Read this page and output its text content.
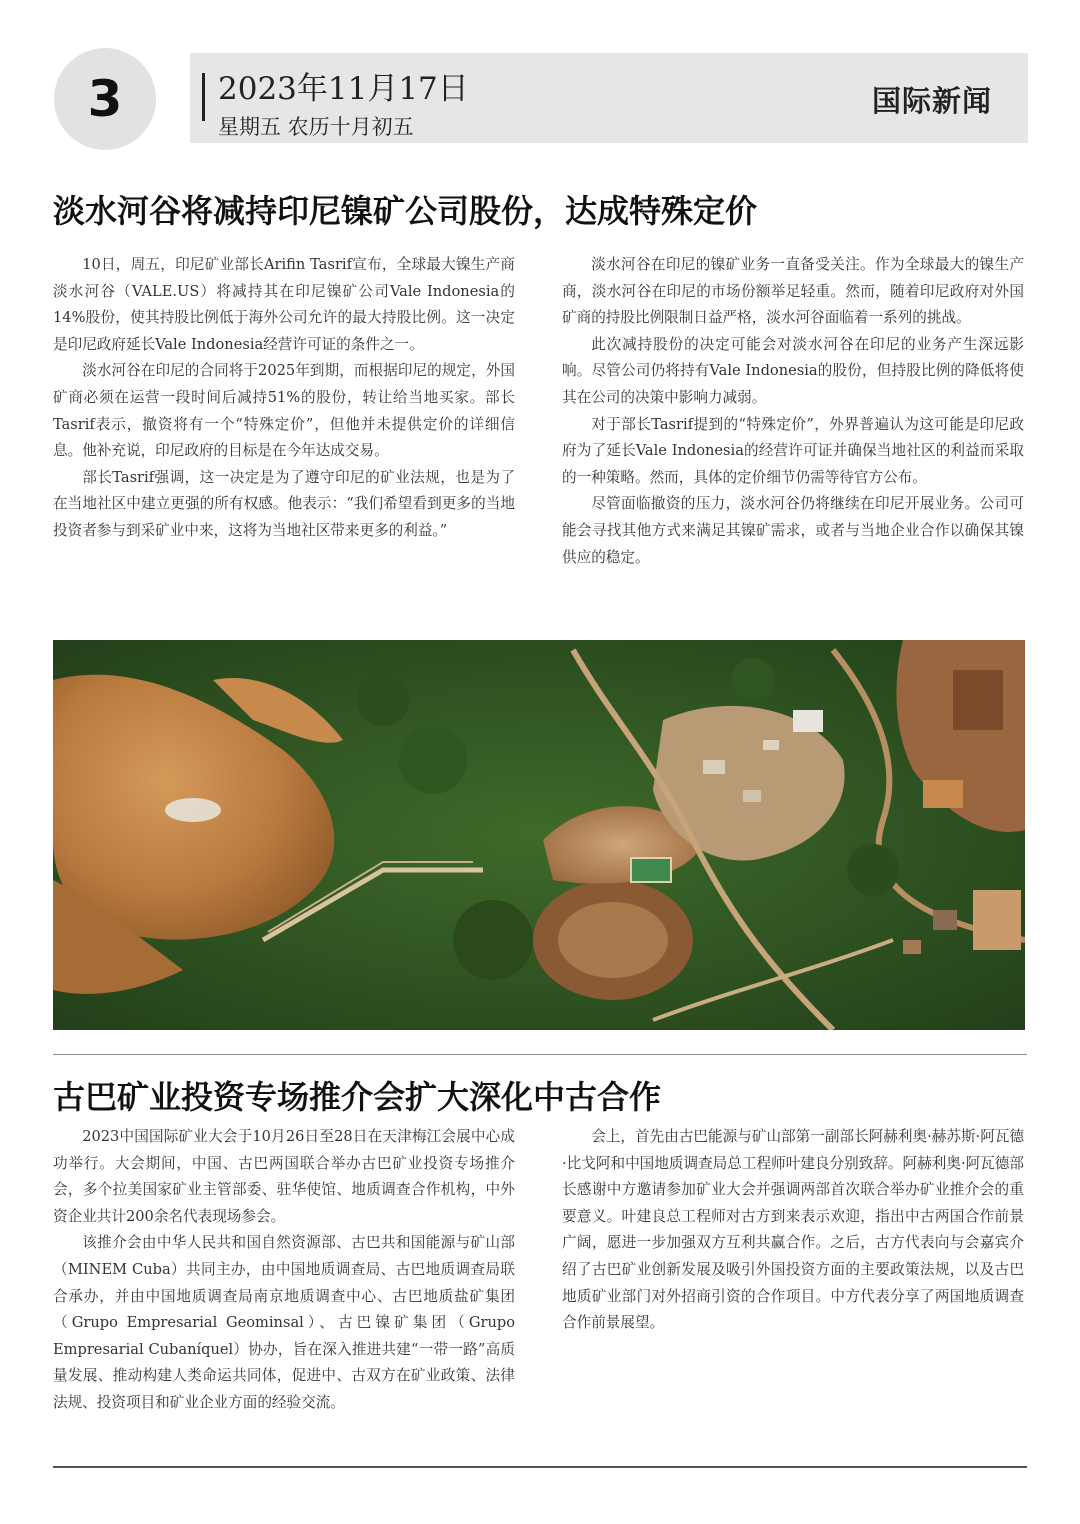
3	2023年11月17日
星期五 农历十月初五
国际新闻
淡水河谷将减持印尼镍矿公司股份，达成特殊定价

10日，周五，印尼矿业部长Arifin Tasrif宣布，全球最大镍生产商淡水河谷（VALE.US）将减持其在印尼镍矿公司Vale Indonesia的14%股份，使其持股比例低于海外公司允许的最大持股比例。这一决定是印尼政府延长Vale Indonesia经营许可证的条件之一。

淡水河谷在印尼的合同将于2025年到期，而根据印尼的规定，外国矿商必须在运营一段时间后减持51%的股份，转让给当地买家。部长Tasrif表示，撤资将有一个“特殊定价”，但他并未提供定价的详细信息。他补充说，印尼政府的目标是在今年达成交易。

部长Tasrif强调，这一决定是为了遵守印尼的矿业法规，也是为了在当地社区中建立更强的所有权感。他表示：“我们希望看到更多的当地投资者参与到采矿业中来，这将为当地社区带来更多的利益。”

淡水河谷在印尼的镍矿业务一直备受关注。作为全球最大的镍生产商，淡水河谷在印尼的市场份额举足轻重。然而，随着印尼政府对外国矿商的持股比例限制日益严格，淡水河谷面临着一系列的挑战。

此次减持股份的决定可能会对淡水河谷在印尼的业务产生深远影响。尽管公司仍将持有Vale Indonesia的股份，但持股比例的降低将使其在公司的决策中影响力减弱。

对于部长Tasrif提到的“特殊定价”，外界普遍认为这可能是印尼政府为了延长Vale Indonesia的经营许可证并确保当地社区的利益而采取的一种策略。然而，具体的定价细节仍需等待官方公布。

尽管面临撤资的压力，淡水河谷仍将继续在印尼开展业务。公司可能会寻找其他方式来满足其镍矿需求，或者与当地企业合作以确保其镍供应的稳定。

古巴矿业投资专场推介会扩大深化中古合作

2023中国国际矿业大会于10月26日至28日在天津梅江会展中心成功举行。大会期间，中国、古巴两国联合举办古巴矿业投资专场推介会，多个拉美国家矿业主管部委、驻华使馆、地质调查合作机构，中外资企业共计200余名代表现场参会。

该推介会由中华人民共和国自然资源部、古巴共和国能源与矿山部（MINEM Cuba）共同主办，由中国地质调查局、古巴地质调查局联合承办，并由中国地质调查局南京地质调查中心、古巴地质盐矿集团（Grupo Empresarial Geominsal）、古巴镍矿集团（Grupo Empresarial Cubaníquel）协办，旨在深入推进共建“一带一路”高质量发展、推动构建人类命运共同体，促进中、古双方在矿业政策、法律法规、投资项目和矿业企业方面的经验交流。

会上，首先由古巴能源与矿山部第一副部长阿赫利奥·赫苏斯·阿瓦德·比戈阿和中国地质调查局总工程师叶建良分别致辞。阿赫利奥·阿瓦德部长感谢中方邀请参加矿业大会并强调两部首次联合举办矿业推介会的重要意义。叶建良总工程师对古方到来表示欢迎，指出中古两国合作前景广阔，愿进一步加强双方互利共赢合作。之后，古方代表向与会嘉宾介绍了古巴矿业创新发展及吸引外国投资方面的主要政策法规，以及古巴地质矿业部门对外招商引资的合作项目。中方代表分享了两国地质调查合作前景展望。
